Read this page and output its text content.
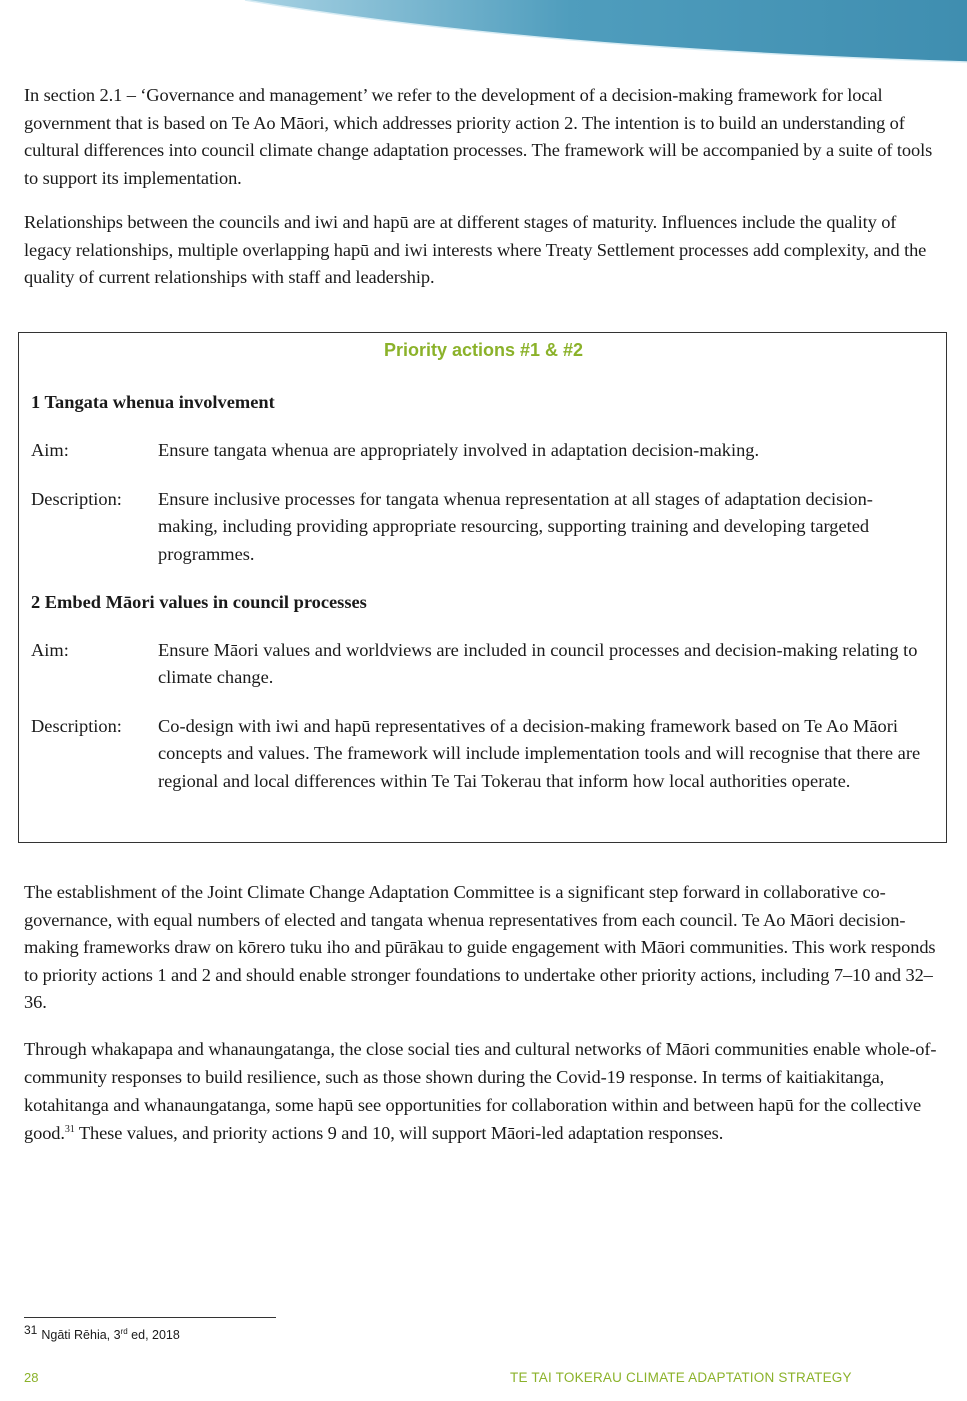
In section 2.1 – ‘Governance and management’ we refer to the development of a decision-making framework for local government that is based on Te Ao Māori, which addresses priority action 2. The intention is to build an understanding of cultural differences into council climate change adaptation processes. The framework will be accompanied by a suite of tools to support its implementation.

Relationships between the councils and iwi and hapū are at different stages of maturity. Influences include the quality of legacy relationships, multiple overlapping hapū and iwi interests where Treaty Settlement processes add complexity, and the quality of current relationships with staff and leadership.

Priority actions #1 & #2
1 Tangata whenua involvement
Aim:	Ensure tangata whenua are appropriately involved in adaptation decision-making.

Description: Ensure inclusive processes for tangata whenua representation at all stages of adaptation decision-making, including providing appropriate resourcing, supporting training and developing targeted programmes.

2 Embed Māori values in council processes
Aim:	Ensure Māori values and worldviews are included in council processes and decision-making relating to climate change.

Description: Co-design with iwi and hapū representatives of a decision-making framework based on Te Ao Māori concepts and values. The framework will include implementation tools and will recognise that there are regional and local differences within Te Tai Tokerau that inform how local authorities operate.

The establishment of the Joint Climate Change Adaptation Committee is a significant step forward in collaborative co-governance, with equal numbers of elected and tangata whenua representatives from each council. Te Ao Māori decision-making frameworks draw on kōrero tuku iho and pūrākau to guide engagement with Māori communities. This work responds to priority actions 1 and 2 and should enable stronger foundations to undertake other priority actions, including 7–10 and 32–36.

Through whakapapa and whanaungatanga, the close social ties and cultural networks of Māori communities enable whole-of-community responses to build resilience, such as those shown during the Covid-19 response. In terms of kaitiakitanga, kotahitanga and whanaungatanga, some hapū see opportunities for collaboration within and between hapū for the collective good.$^{31}$ These values, and priority actions 9 and 10, will support Māori-led adaptation responses.

31 Ngāti Rēhia, 3rd ed, 2018
28	TE TAI TOKERAU CLIMATE ADAPTATION STRATEGY
